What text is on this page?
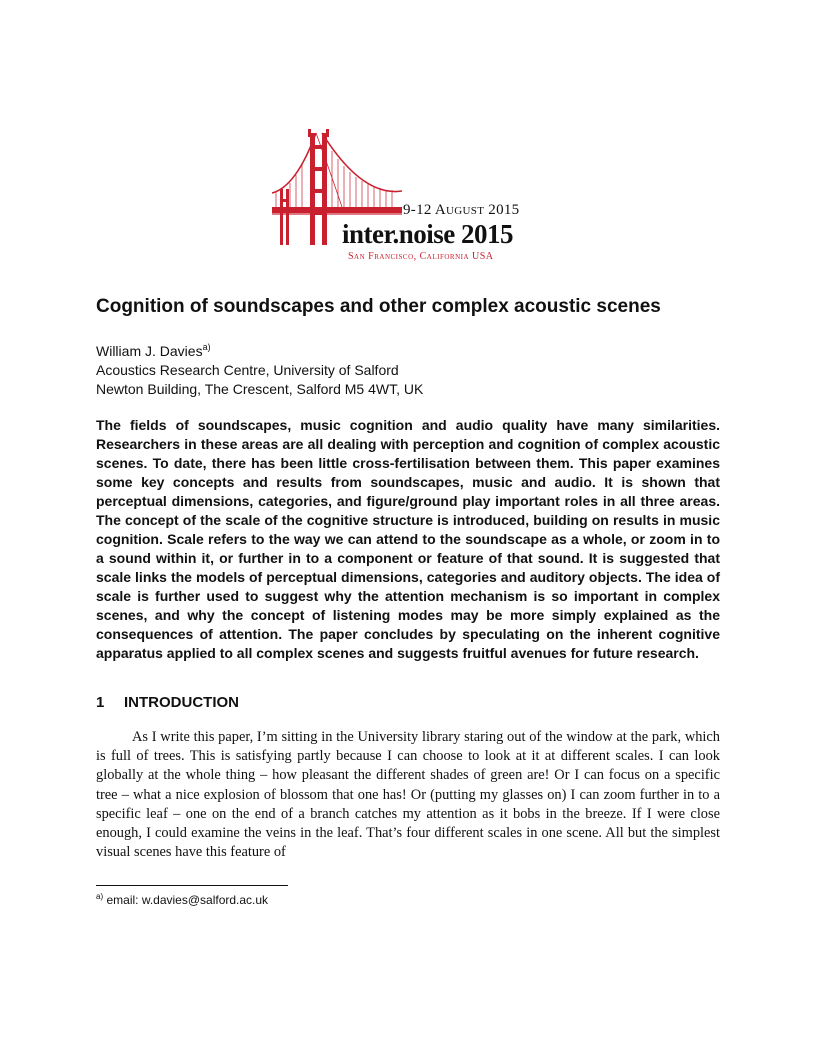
9-12 August 2015
inter.noise 2015
San Francisco, California USA
Cognition of soundscapes and other complex acoustic scenes
William J. Davies$^{a)}$
Acoustics Research Centre, University of Salford
Newton Building, The Crescent, Salford M5 4WT, UK

The fields of soundscapes, music cognition and audio quality have many similarities. Researchers in these areas are all dealing with perception and cognition of complex acoustic scenes. To date, there has been little cross-fertilisation between them. This paper examines some key concepts and results from soundscapes, music and audio. It is shown that perceptual dimensions, categories, and figure/ground play important roles in all three areas. The concept of the scale of the cognitive structure is introduced, building on results in music cognition. Scale refers to the way we can attend to the soundscape as a whole, or zoom in to a sound within it, or further in to a component or feature of that sound. It is suggested that scale links the models of perceptual dimensions, categories and auditory objects. The idea of scale is further used to suggest why the attention mechanism is so important in complex scenes, and why the concept of listening modes may be more simply explained as the consequences of attention. The paper concludes by speculating on the inherent cognitive apparatus applied to all complex scenes and suggests fruitful avenues for future research.

1 INTRODUCTION

As I write this paper, I’m sitting in the University library staring out of the window at the park, which is full of trees. This is satisfying partly because I can choose to look at it at different scales. I can look globally at the whole thing – how pleasant the different shades of green are! Or I can focus on a specific tree – what a nice explosion of blossom that one has! Or (putting my glasses on) I can zoom further in to a specific leaf – one on the end of a branch catches my attention as it bobs in the breeze. If I were close enough, I could examine the veins in the leaf. That’s four different scales in one scene. All but the simplest visual scenes have this feature of

$^{a)}$ email: w.davies@salford.ac.uk
